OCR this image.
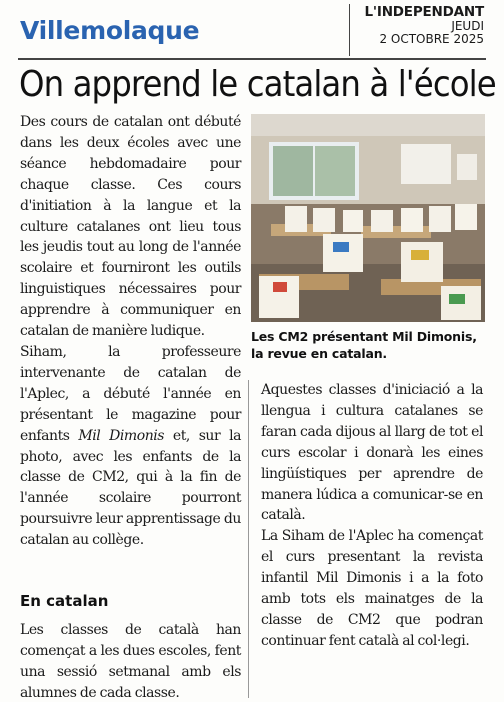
Villemolaque
L'INDEPENDANT
JEUDI
2 OCTOBRE 2025
On apprend le catalan à l'école

Des cours de catalan ont débuté dans les deux écoles avec une séance hebdomadaire pour chaque classe. Ces cours d'initiation à la langue et la culture catalanes ont lieu tous les jeudis tout au long de l'année scolaire et fourniront les outils linguistiques nécessaires pour apprendre à communiquer en catalan de manière ludique.

Siham, la professeure intervenante de catalan de l'Aplec, a débuté l'année en présentant le magazine pour enfants Mil Dimonis et, sur la photo, avec les enfants de la classe de CM2, qui à la fin de l'année scolaire pourront poursuivre leur apprentissage du catalan au collège.

En catalan

Les classes de català han començat a les dues escoles, fent una sessió setmanal amb els alumnes de cada classe.

Les CM2 présentant Mil Dimonis, la revue en catalan.

Aquestes classes d'iniciació a la llengua i cultura catalanes se faran cada dijous al llarg de tot el curs escolar i donarà les eines lingüístiques per aprendre de manera lúdica a comunicar-se en català.

La Siham de l'Aplec ha començat el curs presentant la revista infantil Mil Dimonis i a la foto amb tots els mainatges de la classe de CM2 que podran continuar fent català al col·legi.
